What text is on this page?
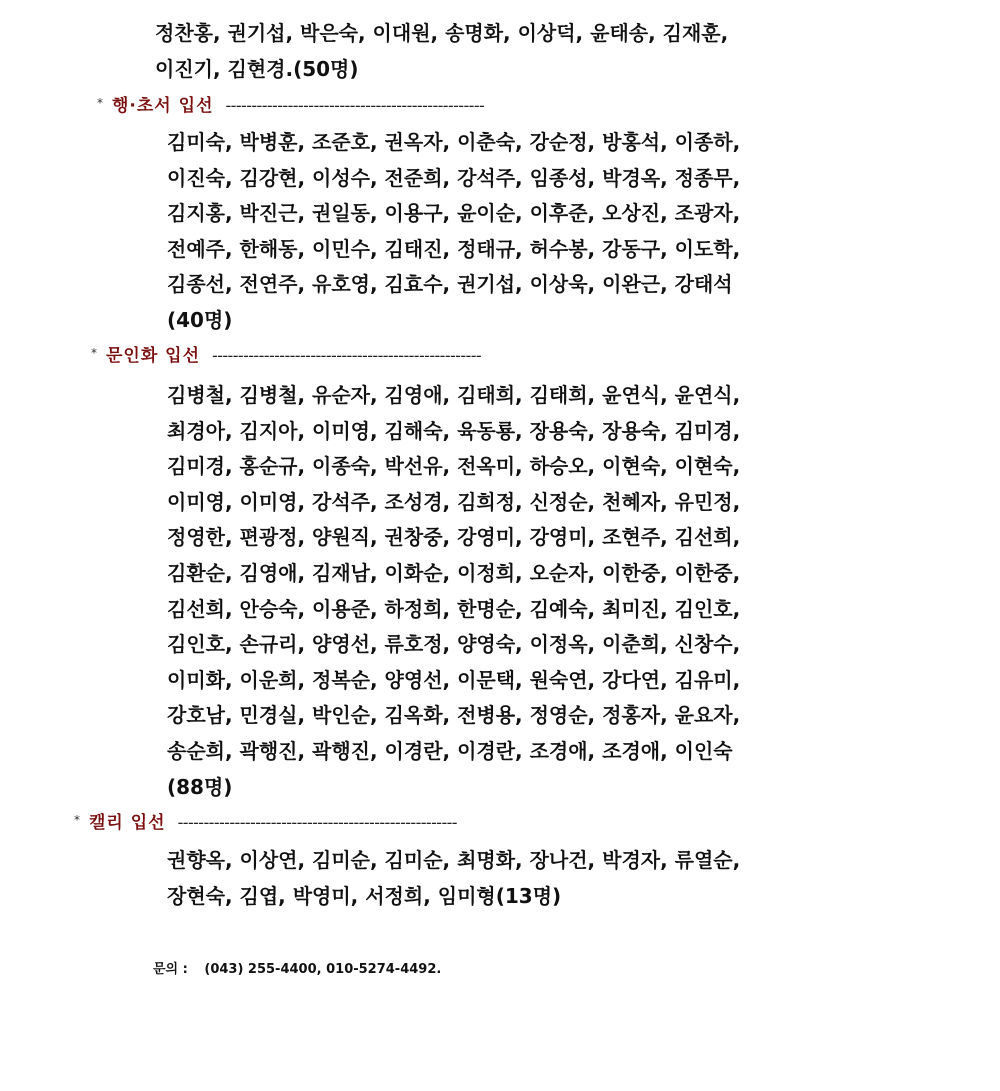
정찬홍, 권기섭, 박은숙, 이대원, 송명화, 이상덕, 윤태송, 김재훈,
이진기, 김현경.(50명)
* 행·초서 입선 --------------------------------------------------
김미숙, 박병훈, 조준호, 권옥자, 이춘숙, 강순정, 방홍석, 이종하,
이진숙, 김강현, 이성수, 전준희, 강석주, 임종성, 박경옥, 정종무,
김지홍, 박진근, 권일동, 이용구, 윤이순, 이후준, 오상진, 조광자,
전예주, 한해동, 이민수, 김태진, 정태규, 허수봉, 강동구, 이도학,
김종선, 전연주, 유호영, 김효수, 권기섭, 이상욱, 이완근, 강태석
(40명)
* 문인화 입선 ----------------------------------------------------
김병철, 김병철, 유순자, 김영애, 김태희, 김태희, 윤연식, 윤연식,
최경아, 김지아, 이미영, 김해숙, 육동룡, 장용숙, 장용숙, 김미경,
김미경, 홍순규, 이종숙, 박선유, 전옥미, 하승오, 이현숙, 이현숙,
이미영, 이미영, 강석주, 조성경, 김희정, 신정순, 천혜자, 유민정,
정영한, 편광정, 양원직, 권창중, 강영미, 강영미, 조현주, 김선희,
김환순, 김영애, 김재남, 이화순, 이정희, 오순자, 이한중, 이한중,
김선희, 안승숙, 이용준, 하정희, 한명순, 김예숙, 최미진, 김인호,
김인호, 손규리, 양영선, 류호정, 양영숙, 이정옥, 이춘희, 신창수,
이미화, 이운희, 정복순, 양영선, 이문택, 원숙연, 강다연, 김유미,
강호남, 민경실, 박인순, 김옥화, 전병용, 정영순, 정홍자, 윤요자,
송순희, 곽행진, 곽행진, 이경란, 이경란, 조경애, 조경애, 이인숙
(88명)
* 캘리 입선 ------------------------------------------------------
권향옥, 이상연, 김미순, 김미순, 최명화, 장나건, 박경자, 류열순,
장현숙, 김엽, 박영미, 서정희, 임미형(13명)
문의 : (043) 255-4400, 010-5274-4492.
